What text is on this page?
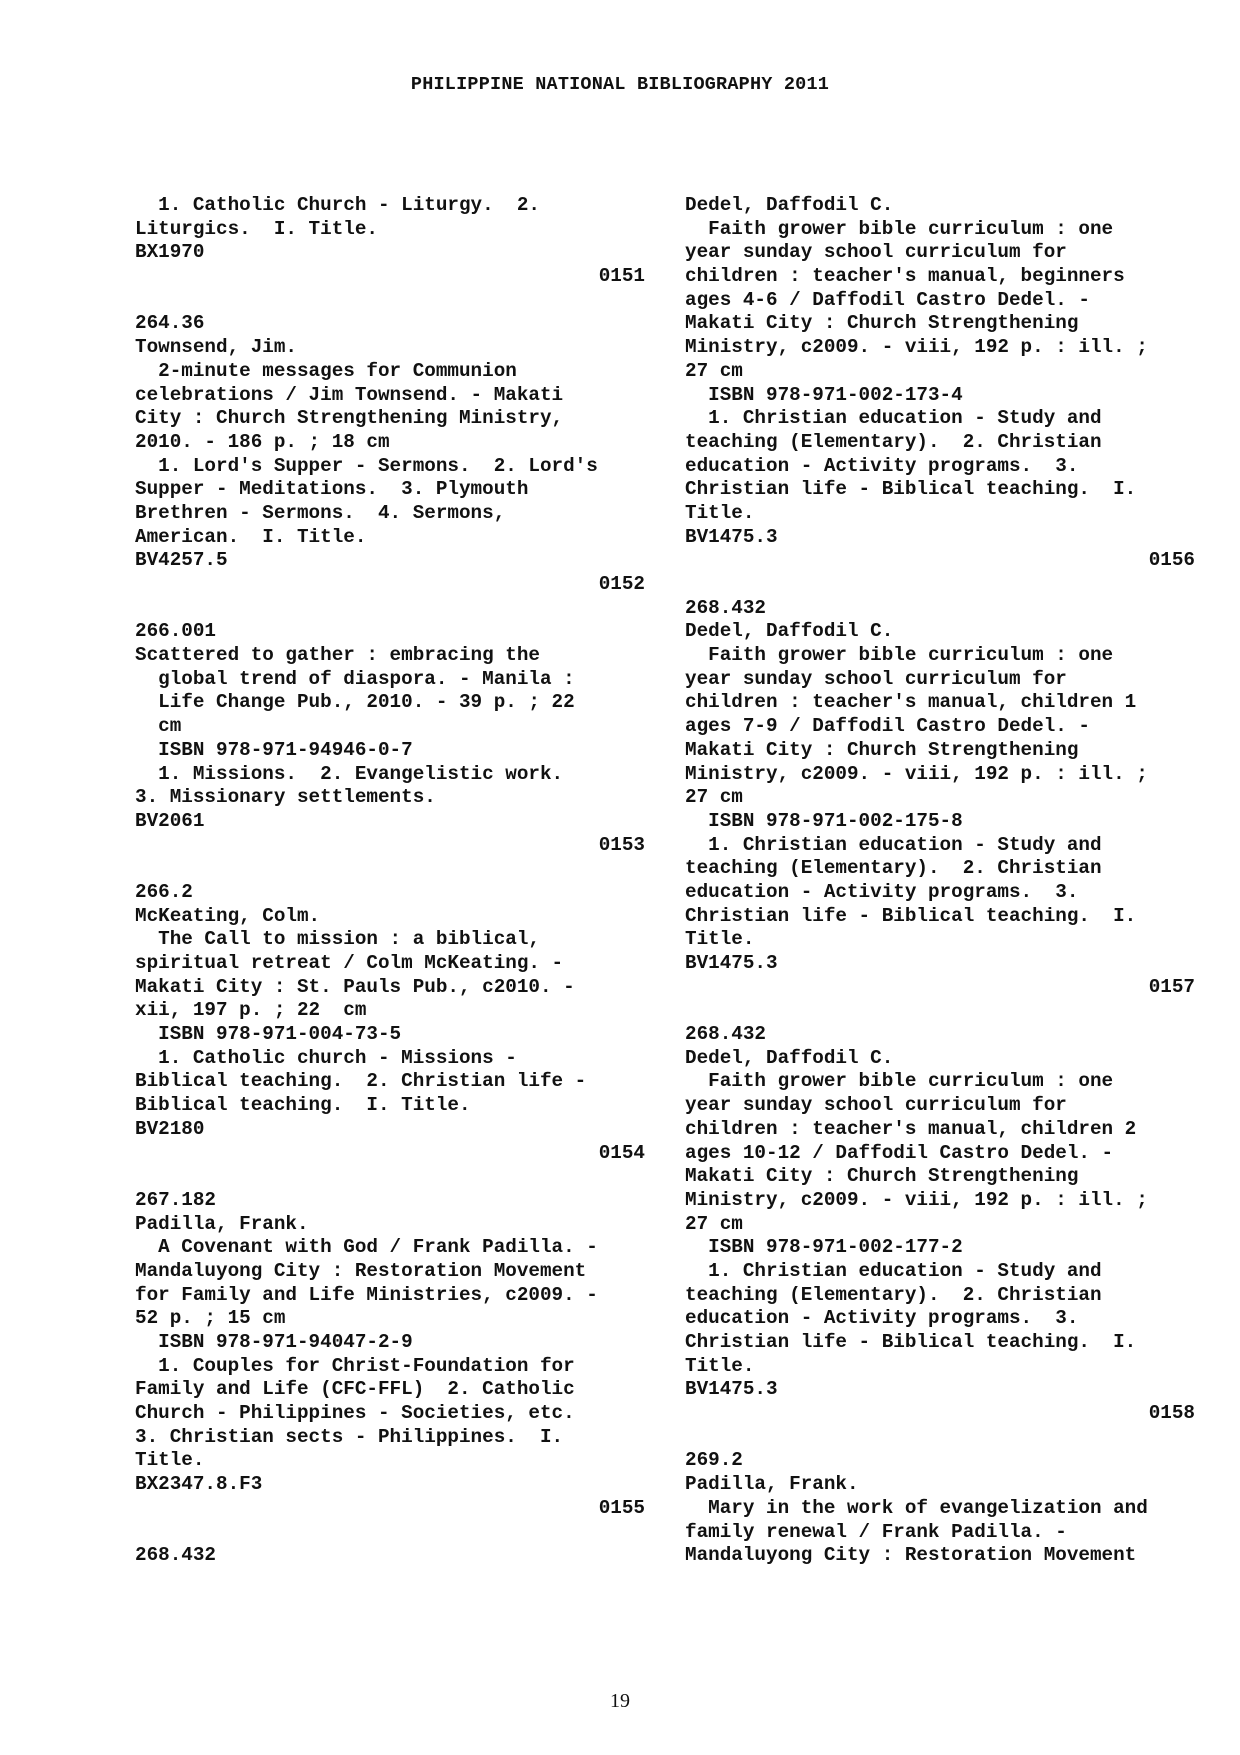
PHILIPPINE NATIONAL BIBLIOGRAPHY 2011
1. Catholic Church - Liturgy.  2.
Liturgics.  I. Title.
BX1970
0151
264.36
Townsend, Jim.
2-minute messages for Communion
celebrations / Jim Townsend. - Makati
City : Church Strengthening Ministry,
2010. - 186 p. ; 18 cm
1. Lord's Supper - Sermons.  2. Lord's
Supper - Meditations.  3. Plymouth
Brethren - Sermons.  4. Sermons,
American.  I. Title.
BV4257.5
0152
266.001
Scattered to gather : embracing the
global trend of diaspora. - Manila :
Life Change Pub., 2010. - 39 p. ; 22
cm
ISBN 978-971-94946-0-7
1. Missions.  2. Evangelistic work.
3. Missionary settlements.
BV2061
0153
266.2
McKeating, Colm.
The Call to mission : a biblical,
spiritual retreat / Colm McKeating. -
Makati City : St. Pauls Pub., c2010. -
xii, 197 p. ; 22  cm
ISBN 978-971-004-73-5
1. Catholic church - Missions -
Biblical teaching.  2. Christian life -
Biblical teaching.  I. Title.
BV2180
0154
267.182
Padilla, Frank.
A Covenant with God / Frank Padilla. -
Mandaluyong City : Restoration Movement
for Family and Life Ministries, c2009. -
52 p. ; 15 cm
ISBN 978-971-94047-2-9
1. Couples for Christ-Foundation for
Family and Life (CFC-FFL)  2. Catholic
Church - Philippines - Societies, etc.
3. Christian sects - Philippines.  I.
Title.
BX2347.8.F3
0155
268.432
Dedel, Daffodil C.
Faith grower bible curriculum : one
year sunday school curriculum for
children : teacher's manual, beginners
ages 4-6 / Daffodil Castro Dedel. -
Makati City : Church Strengthening
Ministry, c2009. - viii, 192 p. : ill. ;
27 cm
ISBN 978-971-002-173-4
1. Christian education - Study and
teaching (Elementary).  2. Christian
education - Activity programs.  3.
Christian life - Biblical teaching.  I.
Title.
BV1475.3
0156
268.432
Dedel, Daffodil C.
Faith grower bible curriculum : one
year sunday school curriculum for
children : teacher's manual, children 1
ages 7-9 / Daffodil Castro Dedel. -
Makati City : Church Strengthening
Ministry, c2009. - viii, 192 p. : ill. ;
27 cm
ISBN 978-971-002-175-8
1. Christian education - Study and
teaching (Elementary).  2. Christian
education - Activity programs.  3.
Christian life - Biblical teaching.  I.
Title.
BV1475.3
0157
268.432
Dedel, Daffodil C.
Faith grower bible curriculum : one
year sunday school curriculum for
children : teacher's manual, children 2
ages 10-12 / Daffodil Castro Dedel. -
Makati City : Church Strengthening
Ministry, c2009. - viii, 192 p. : ill. ;
27 cm
ISBN 978-971-002-177-2
1. Christian education - Study and
teaching (Elementary).  2. Christian
education - Activity programs.  3.
Christian life - Biblical teaching.  I.
Title.
BV1475.3
0158
269.2
Padilla, Frank.
Mary in the work of evangelization and
family renewal / Frank Padilla. -
Mandaluyong City : Restoration Movement
19
